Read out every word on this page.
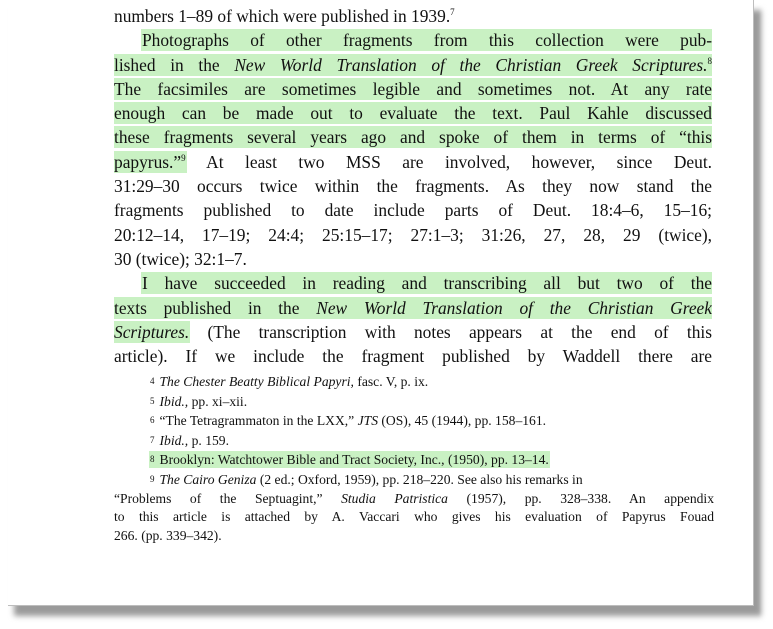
numbers 1–89 of which were published in 1939.$^7$
Photographs of other fragments from this collection were pub-
lished in the New World Translation of the Christian Greek Scriptures.$^8$
The facsimiles are sometimes legible and sometimes not. At any rate
enough can be made out to evaluate the text. Paul Kahle discussed
these fragments several years ago and spoke of them in terms of “this
papyrus.”$^9$ At least two MSS are involved, however, since Deut.
31:29–30 occurs twice within the fragments. As they now stand the
fragments published to date include parts of Deut. 18:4–6, 15–16;
20:12–14, 17–19; 24:4; 25:15–17; 27:1–3; 31:26, 27, 28, 29 (twice),
30 (twice); 32:1–7.
I have succeeded in reading and transcribing all but two of the
texts published in the New World Translation of the Christian Greek
Scriptures. (The transcription with notes appears at the end of this
article). If we include the fragment published by Waddell there are
4 The Chester Beatty Biblical Papyri, fasc. V, p. ix.
5 Ibid., pp. xi–xii.
6 “The Tetragrammaton in the LXX,” JTS (OS), 45 (1944), pp. 158–161.
7 Ibid., p. 159.
8 Brooklyn: Watchtower Bible and Tract Society, Inc., (1950), pp. 13–14.
9 The Cairo Geniza (2 ed.; Oxford, 1959), pp. 218–220. See also his remarks in
“Problems of the Septuagint,” Studia Patristica (1957), pp. 328–338. An appendix
to this article is attached by A. Vaccari who gives his evaluation of Papyrus Fouad
266. (pp. 339–342).
